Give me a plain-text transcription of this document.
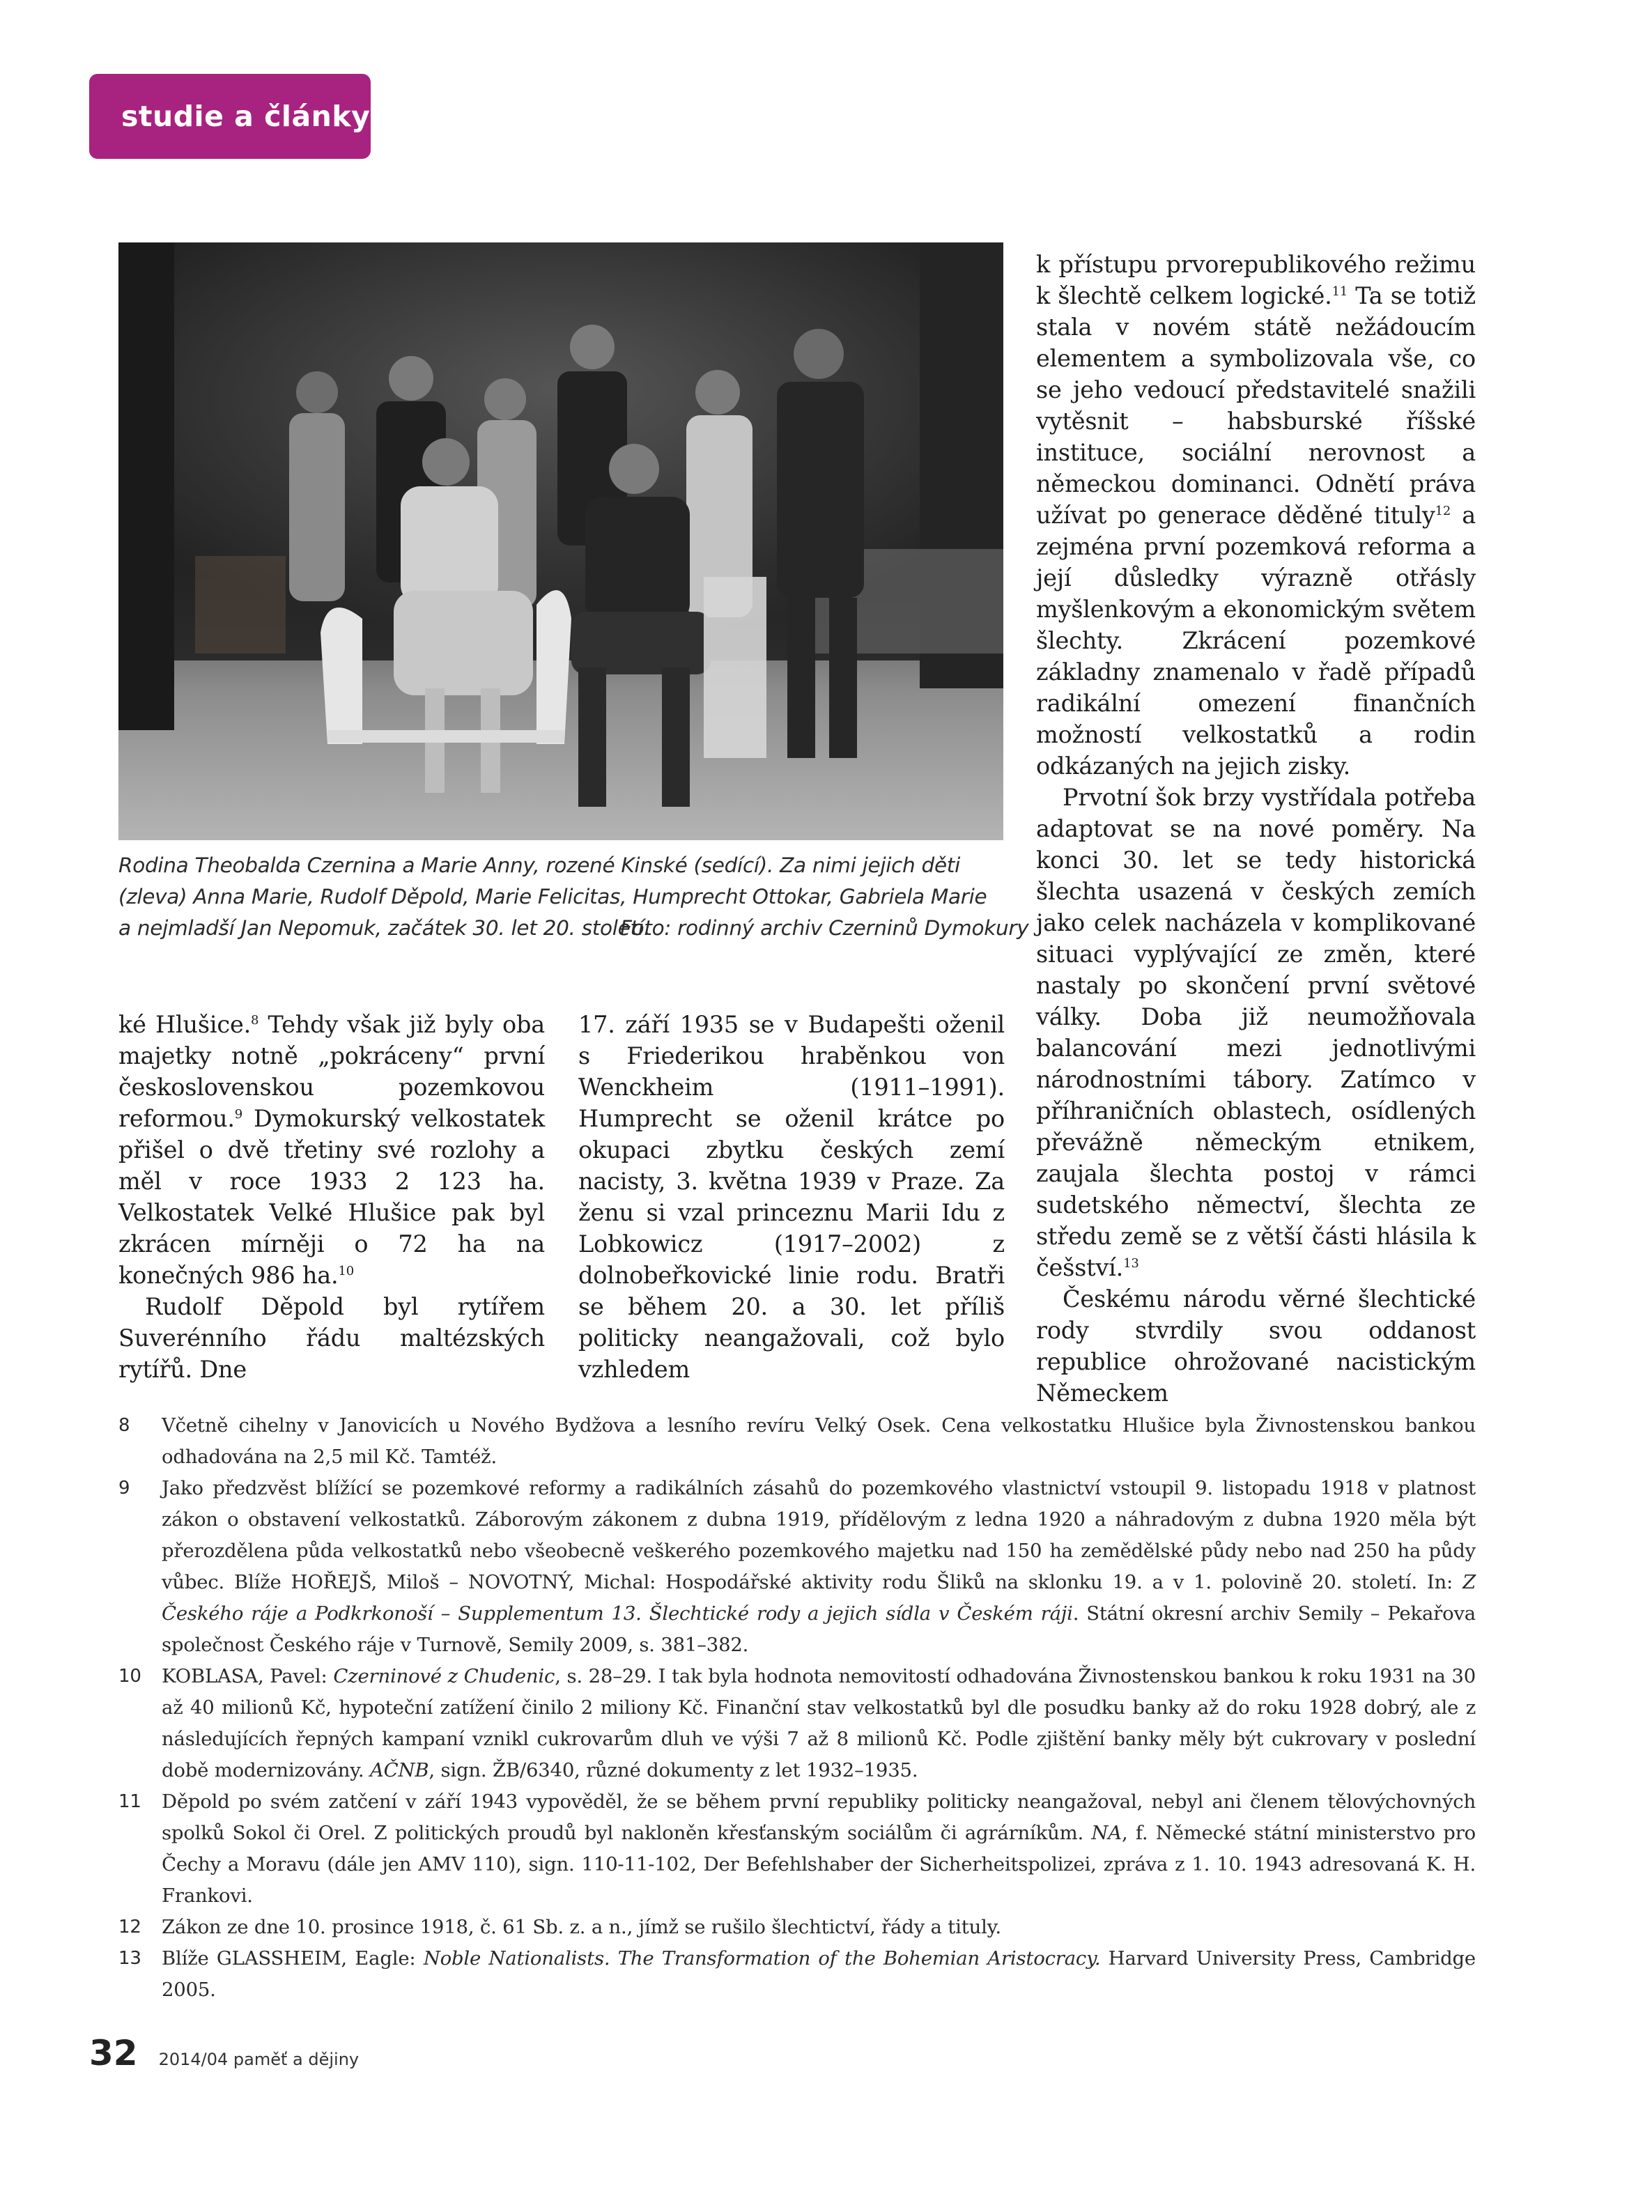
studie a články
Rodina Theobalda Czernina a Marie Anny, rozené Kinské (sedící). Za nimi jejich děti (zleva) Anna Marie, Rudolf Děpold, Marie Felicitas, Humprecht Ottokar, Gabriela Marie a nejmladší Jan Nepomuk, začátek 30. let 20. století.
Foto: rodinný archiv Czerninů Dymokury

ké Hlušice.$^8$ Tehdy však již byly oba majetky notně „pokráceny“ první československou pozemkovou reformou.$^9$ Dymokurský velkostatek přišel o dvě třetiny své rozlohy a měl v roce 1933 2 123 ha. Velkostatek Velké Hlušice pak byl zkrácen mírněji o 72 ha na konečných 986 ha.$^{10}$

Rudolf Děpold byl rytířem Suverénního řádu maltézských rytířů. Dne

17. září 1935 se v Budapešti oženil s Friederikou hraběnkou von Wenckheim (1911–1991). Humprecht se oženil krátce po okupaci zbytku českých zemí nacisty, 3. května 1939 v Praze. Za ženu si vzal princeznu Marii Idu z Lobkowicz (1917–2002) z dolnobeřkovické linie rodu. Bratři se během 20. a 30. let příliš politicky neangažovali, což bylo vzhledem

k přístupu prvorepublikového režimu k šlechtě celkem logické.$^{11}$ Ta se totiž stala v novém státě nežádoucím elementem a symbolizovala vše, co se jeho vedoucí představitelé snažili vytěsnit – habsburské říšské instituce, sociální nerovnost a německou dominanci. Odnětí práva užívat po generace děděné tituly$^{12}$ a zejména první pozemková reforma a její důsledky výrazně otřásly myšlenkovým a ekonomickým světem šlechty. Zkrácení pozemkové základny znamenalo v řadě případů radikální omezení finančních možností velkostatků a rodin odkázaných na jejich zisky.

Prvotní šok brzy vystřídala potřeba adaptovat se na nové poměry. Na konci 30. let se tedy historická šlechta usazená v českých zemích jako celek nacházela v komplikované situaci vyplývající ze změn, které nastaly po skončení první světové války. Doba již neumožňovala balancování mezi jednotlivými národnostními tábory. Zatímco v příhraničních oblastech, osídlených převážně německým etnikem, zaujala šlechta postoj v rámci sudetského němectví, šlechta ze středu země se z větší části hlásila k češství.$^{13}$

Českému národu věrné šlechtické rody stvrdily svou oddanost republice ohrožované nacistickým Německem

8	Včetně cihelny v Janovicích u Nového Bydžova a lesního revíru Velký Osek. Cena velkostatku Hlušice byla Živnostenskou bankou odhadována na 2,5 mil Kč. Tamtéž.
9	Jako předzvěst blížící se pozemkové reformy a radikálních zásahů do pozemkového vlastnictví vstoupil 9. listopadu 1918 v platnost zákon o obstavení velkostatků. Záborovým zákonem z dubna 1919, přídělovým z ledna 1920 a náhradovým z dubna 1920 měla být přerozdělena půda velkostatků nebo všeobecně veškerého pozemkového majetku nad 150 ha zemědělské půdy nebo nad 250 ha půdy vůbec. Blíže HOŘEJŠ, Miloš – NOVOTNÝ, Michal: Hospodářské aktivity rodu Šliků na sklonku 19. a v 1. polovině 20. století. In: Z Českého ráje a Podkrkonoší – Supplementum 13. Šlechtické rody a jejich sídla v Českém ráji. Státní okresní archiv Semily – Pekařova společnost Českého ráje v Turnově, Semily 2009, s. 381–382.
10	KOBLASA, Pavel: Czerninové z Chudenic, s. 28–29. I tak byla hodnota nemovitostí odhadována Živnostenskou bankou k roku 1931 na 30 až 40 milionů Kč, hypoteční zatížení činilo 2 miliony Kč. Finanční stav velkostatků byl dle posudku banky až do roku 1928 dobrý, ale z následujících řepných kampaní vznikl cukrovarům dluh ve výši 7 až 8 milionů Kč. Podle zjištění banky měly být cukrovary v poslední době modernizovány. AČNB, sign. ŽB/6340, různé dokumenty z let 1932–1935.
11	Děpold po svém zatčení v září 1943 vypověděl, že se během první republiky politicky neangažoval, nebyl ani členem tělovýchovných spolků Sokol či Orel. Z politických proudů byl nakloněn křesťanským sociálům či agrárníkům. NA, f. Německé státní ministerstvo pro Čechy a Moravu (dále jen AMV 110), sign. 110-11-102, Der Befehlshaber der Sicherheitspolizei, zpráva z 1. 10. 1943 adresovaná K. H. Frankovi.
12	Zákon ze dne 10. prosince 1918, č. 61 Sb. z. a n., jímž se rušilo šlechtictví, řády a tituly.
13	Blíže GLASSHEIM, Eagle: Noble Nationalists. The Transformation of the Bohemian Aristocracy. Harvard University Press, Cambridge 2005.
32 2014/04 paměť a dějiny
